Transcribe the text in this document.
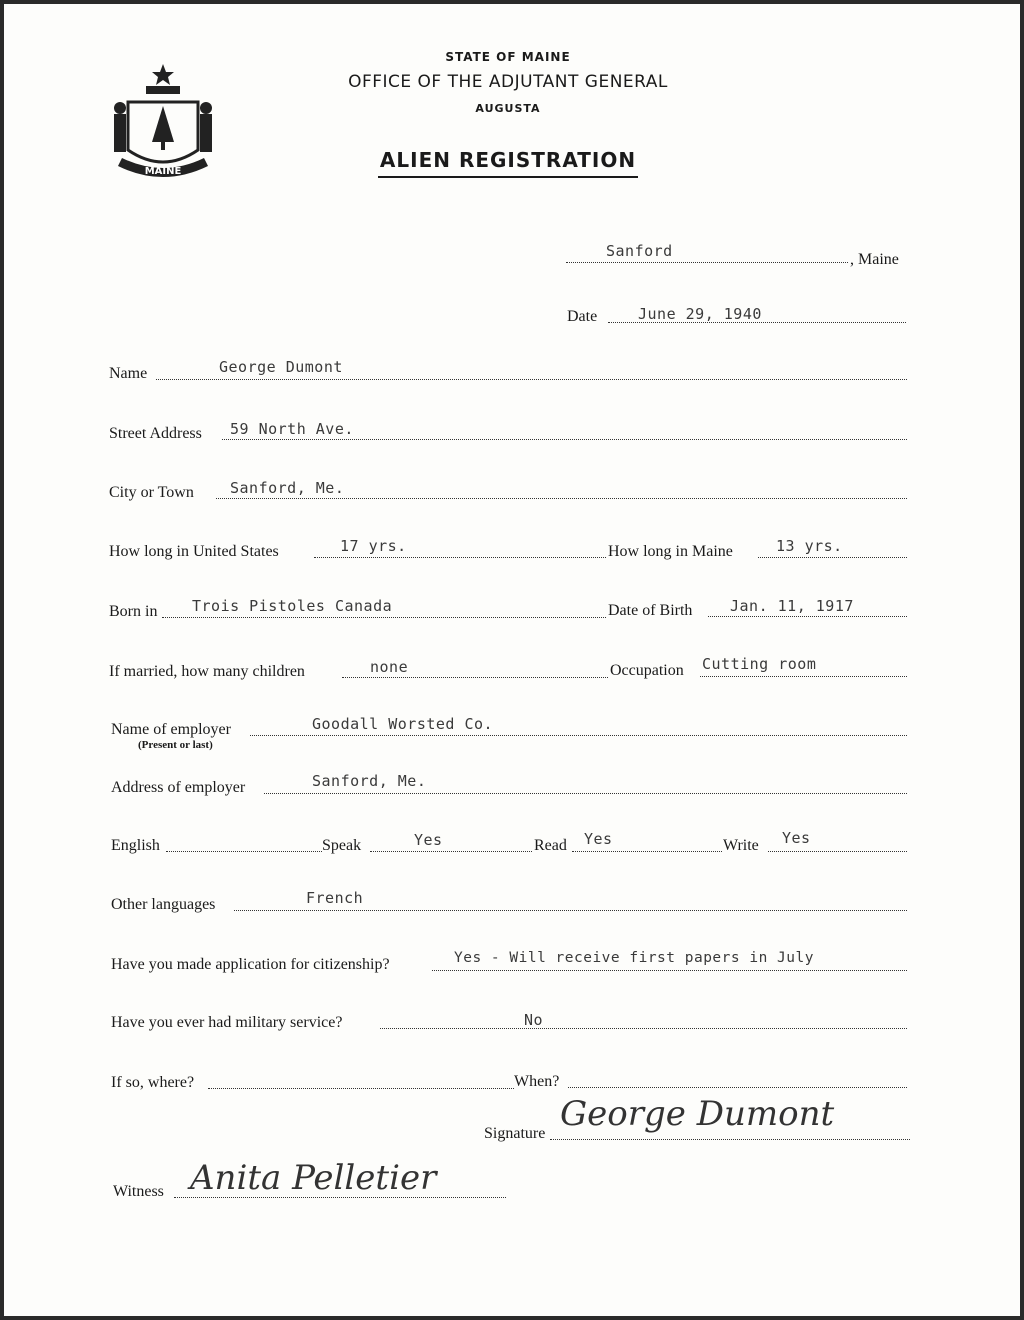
MAINE
STATE OF MAINE
OFFICE OF THE ADJUTANT GENERAL
AUGUSTA
ALIEN REGISTRATION
Sanford	, Maine
Date	June 29, 1940
Name	George Dumont
Street Address 59 North Ave.
City or Town Sanford, Me.
How long in United States	17 yrs.	How long in Maine	13 yrs.
Born in Trois Pistoles Canada	Date of Birth	Jan. 11, 1917
If married, how many children	none	Occupation Cutting room
Name of employer
(Present or last)
Goodall Worsted Co.
Address of employer	Sanford, Me.
English	Speak	Yes	Read Yes	Write Yes
Other languages	French
Have you made application for citizenship?	Yes - Will receive first papers in July
Have you ever had military service?	No
If so, where?	When?
Signature George Dumont
Witness Anita Pelletier
